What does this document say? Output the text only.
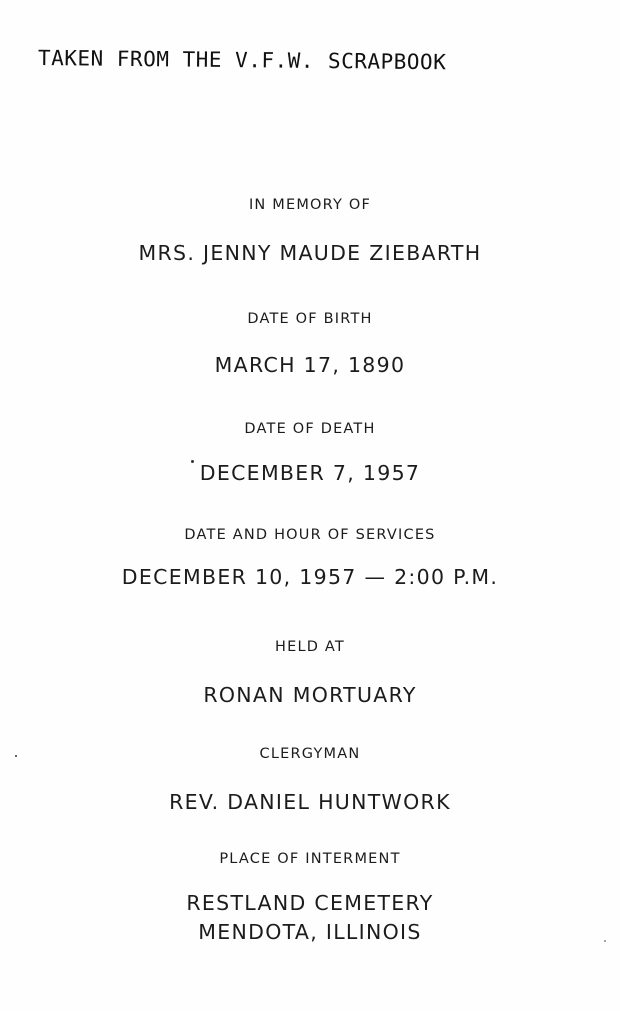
TAKEN FROM THE V.F.W. SCRAPBOOK
IN MEMORY OF
MRS. JENNY MAUDE ZIEBARTH
DATE OF BIRTH
MARCH 17, 1890
DATE OF DEATH
DECEMBER 7, 1957
DATE AND HOUR OF SERVICES
DECEMBER 10, 1957 — 2:00 P.M.
HELD AT
RONAN MORTUARY
CLERGYMAN
REV. DANIEL HUNTWORK
PLACE OF INTERMENT
RESTLAND CEMETERY
MENDOTA, ILLINOIS
